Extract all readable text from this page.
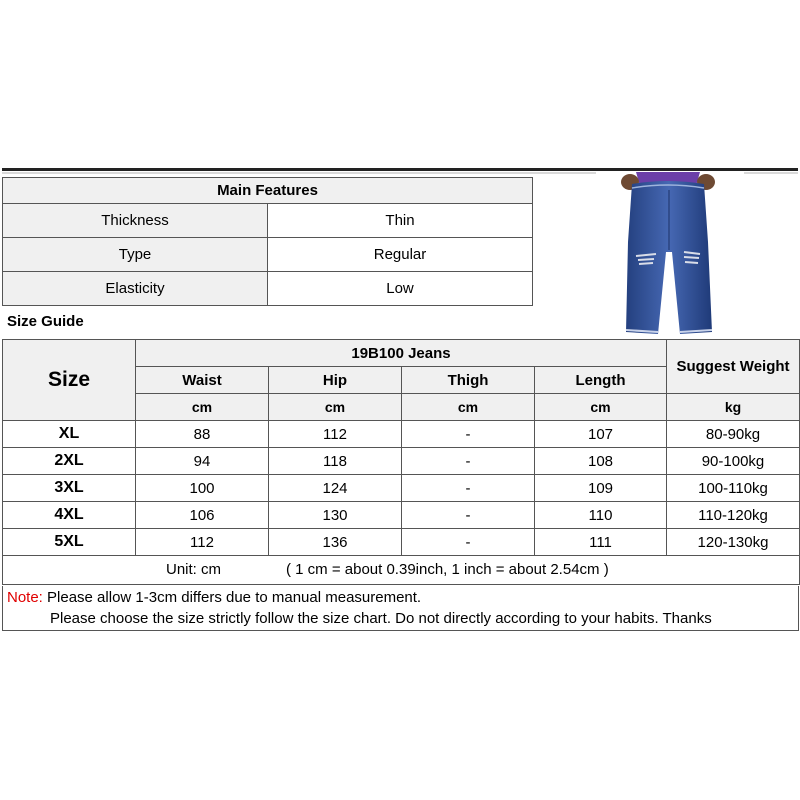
Main Features	
Thickness	Thin
Type	Regular
Elasticity	Low
Size Guide
Size	19B100 Jeans				Suggest Weight
	Waist	Hip	Thigh	Length	
	cm	cm	cm	cm	kg
XL	88	112	-	107	80-90kg
2XL	94	118	-	108	90-100kg
3XL	100	124	-	109	100-110kg
4XL	106	130	-	110	110-120kg
5XL	112	136	-	111	120-130kg

Unit: cm ( 1 cm = about 0.39inch, 1 inch = about 2.54cm )					
Note: Please allow 1-3cm differs due to manual measurement.
Please choose the size strictly follow the size chart. Do not directly according to your habits. Thanks
